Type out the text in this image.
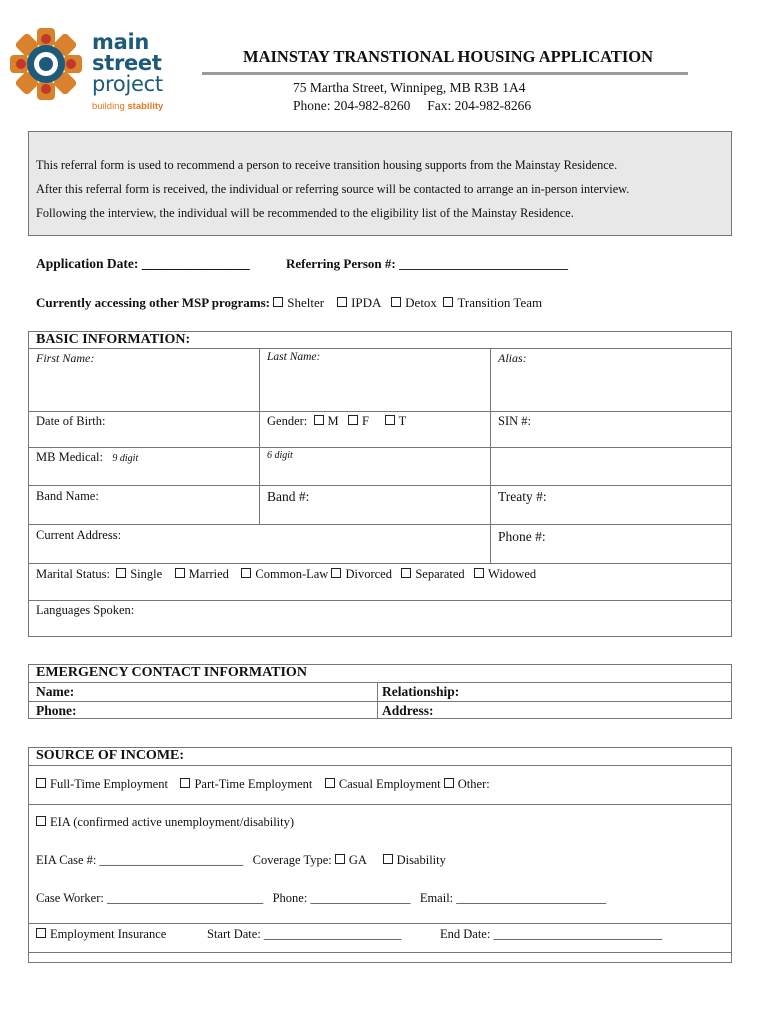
main
street
project
building stability
MAINSTAY TRANSTIONAL HOUSING APPLICATION
75 Martha Street, Winnipeg, MB R3B 1A4
Phone: 204-982-8260 Fax: 204-982-8266

This referral form is used to recommend a person to receive transition housing supports from the Mainstay Residence.

After this referral form is received, the individual or referring source will be contacted to arrange an in-person interview.

Following the interview, the individual will be recommended to the eligibility list of the Mainstay Residence.

Application Date: ________________	Referring Person #: __________________________
Currently accessing other MSP programs: Shelter IPDA Detox Transition Team
BASIC INFORMATION:
First Name:	Last Name:	Alias:
Date of Birth:	Gender: M F T	SIN #:
MB Medical: 9 digit	6 digit
Band Name:	Band #:	Treaty #:
Current Address:	Phone #:
Marital Status: Single Married Common-Law Divorced Separated Widowed
Languages Spoken:
EMERGENCY CONTACT INFORMATION
Name:	Relationship:
Phone:	Address:
SOURCE OF INCOME:
Full-Time Employment Part-Time Employment Casual Employment Other:
EIA (confirmed active unemployment/disability)
EIA Case #: _______________________ Coverage Type: GA Disability
Case Worker: _________________________ Phone: ________________ Email: ________________________
Employment Insurance	Start Date: ______________________	End Date: ___________________________
